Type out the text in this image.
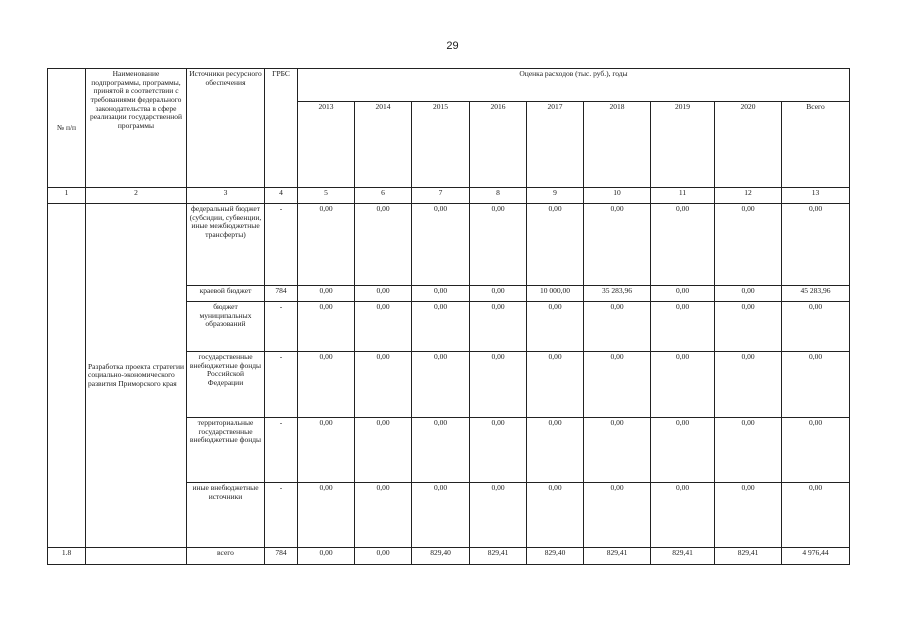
29
№ п/п	Наименование подпрограммы, программы, принятой в соответствии с требованиями федерального законодательства в сфере реализации государственной программы	Источники ресурсного обеспечения	ГРБС	Оценка расходов (тыс. руб.), годы								
				2013	2014	2015	2016	2017	2018	2019	2020	Всего
1	2	3	4	5	6	7	8	9	10	11	12	13
	Разработка проекта стратегии социально-экономического развития Приморского края	федеральный бюджет (субсидии, субвенции, иные межбюджетные трансферты)	-	0,00	0,00	0,00	0,00	0,00	0,00	0,00	0,00	0,00
		краевой бюджет	784	0,00	0,00	0,00	0,00	10 000,00	35 283,96	0,00	0,00	45 283,96
		бюджет муниципальных образований	-	0,00	0,00	0,00	0,00	0,00	0,00	0,00	0,00	0,00
		государственные внебюджетные фонды Российской Федерации	-	0,00	0,00	0,00	0,00	0,00	0,00	0,00	0,00	0,00
		территориальные государственные внебюджетные фонды	-	0,00	0,00	0,00	0,00	0,00	0,00	0,00	0,00	0,00
		иные внебюджетные источники	-	0,00	0,00	0,00	0,00	0,00	0,00	0,00	0,00	0,00
1.8		всего	784	0,00	0,00	829,40	829,41	829,40	829,41	829,41	829,41	4 976,44
